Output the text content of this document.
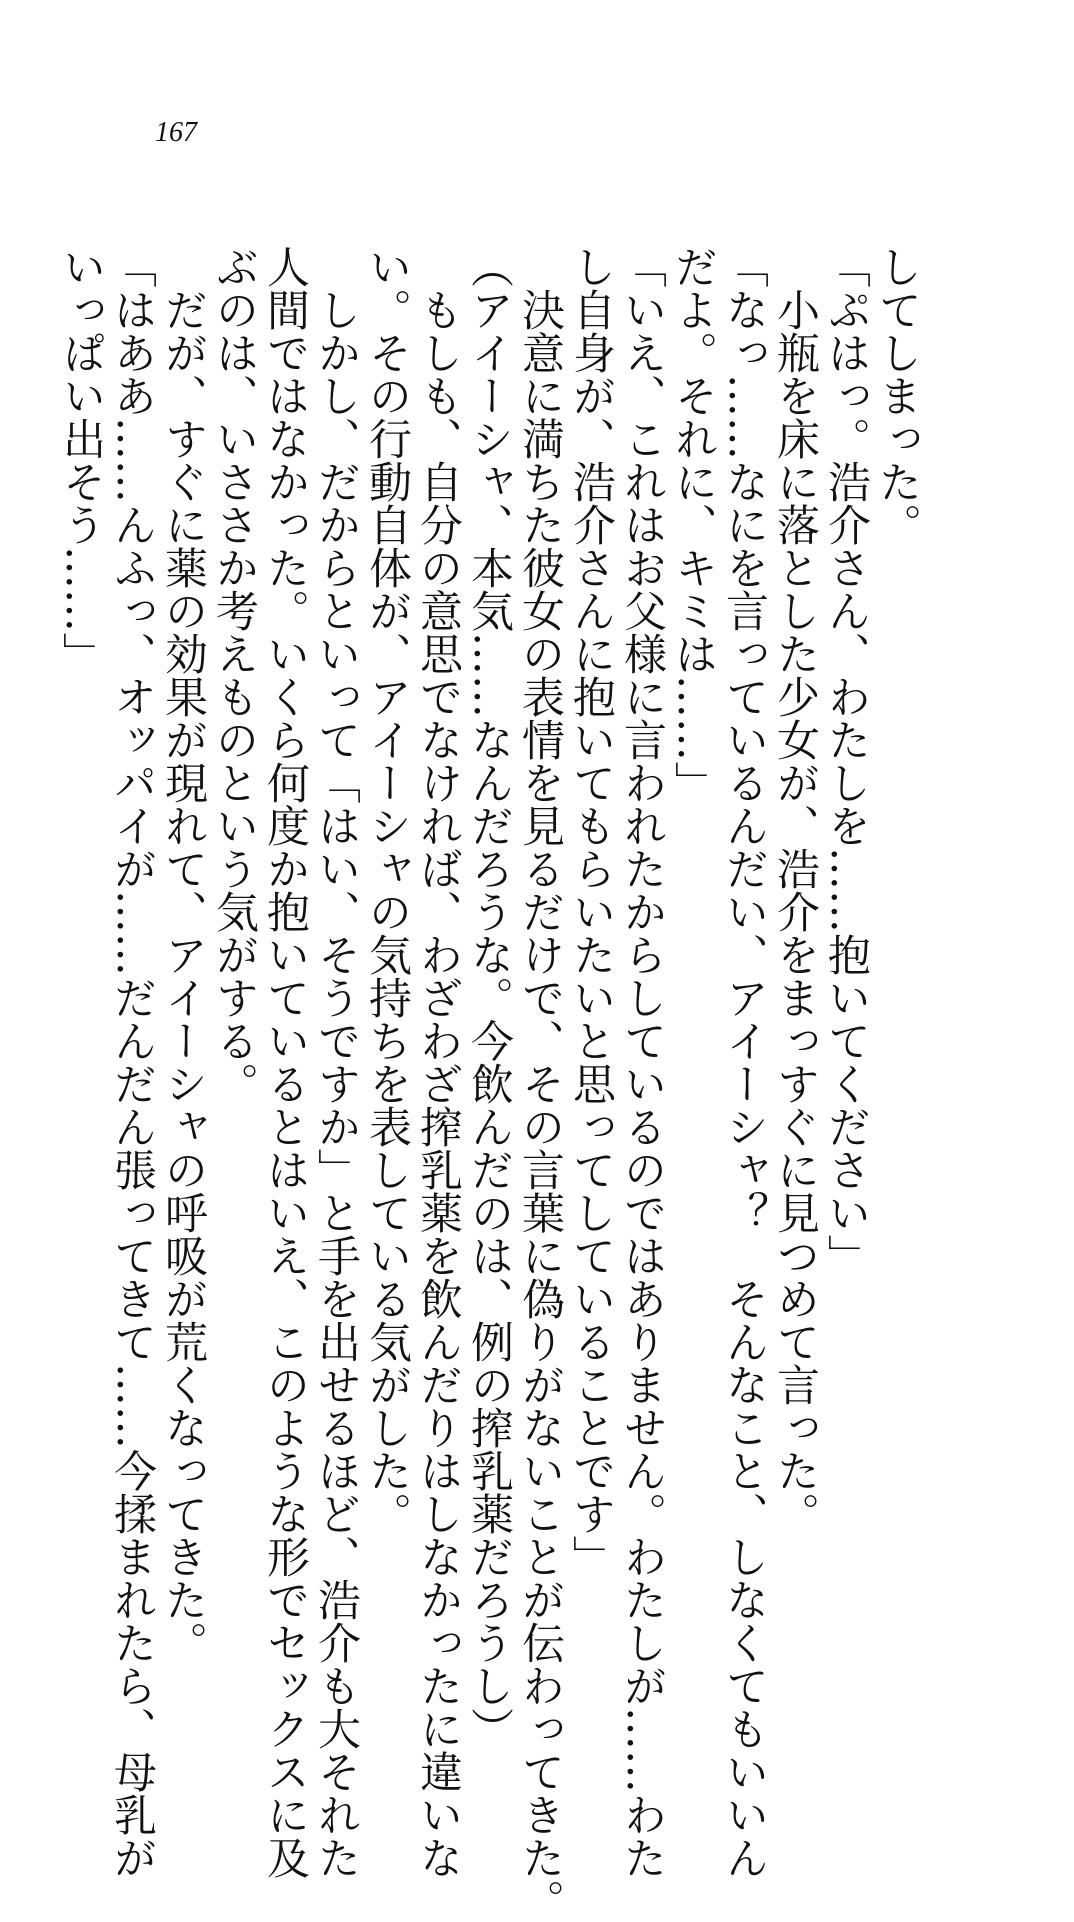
167
してしまった。
「ぷはっ。浩介さん、わたしを……抱いてください」
　小瓶を床に落とした少女が、浩介をまっすぐに見つめて言った。
「なっ……なにを言っているんだい、アイーシャ？　そんなこと、しなくてもいいん
だよ。それに、キミは……」
「いえ、これはお父様に言われたからしているのではありません。わたしが……わた
し自身が、浩介さんに抱いてもらいたいと思ってしていることです」
　決意に満ちた彼女の表情を見るだけで、その言葉に偽りがないことが伝わってきた。
（アイーシャ、本気……なんだろうな。今飲んだのは、例の搾乳薬だろうし）
　もしも、自分の意思でなければ、わざわざ搾乳薬を飲んだりはしなかったに違いな
い。その行動自体が、アイーシャの気持ちを表している気がした。
　しかし、だからといって「はい、そうですか」と手を出せるほど、浩介も大それた
人間ではなかった。いくら何度か抱いているとはいえ、このような形でセックスに及
ぶのは、いささか考えものという気がする。
　だが、すぐに薬の効果が現れて、アイーシャの呼吸が荒くなってきた。
「はああ……んふっ、オッパイが……だんだん張ってきて……今揉まれたら、母乳が
いっぱい出そう……」
